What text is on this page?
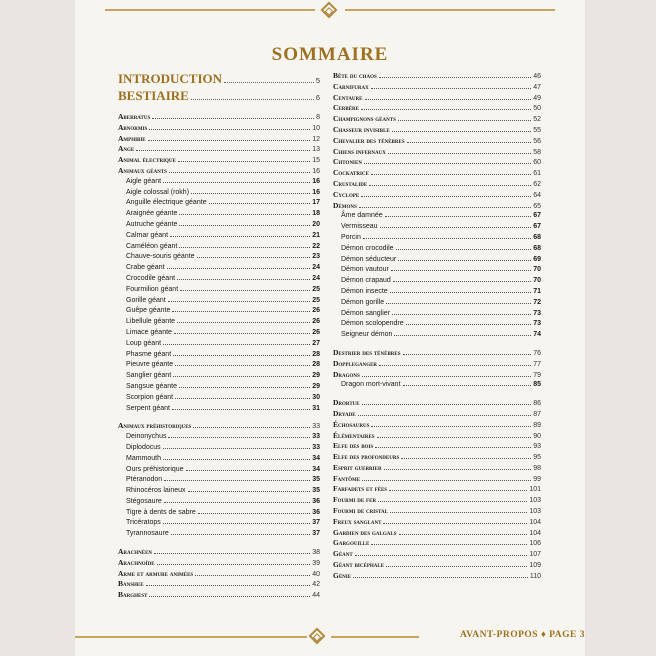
SOMMAIRE
INTRODUCTION	5
BESTIAIRE	6
Aberratus	8
Abnormis	10
Amphibie	12
Ange	13
Animal électrique	15
Animaux géants	16
Aigle géant	16
Aigle colossal (rokh)	16
Anguille électrique géante	17
Araignée géante	18
Autruche géante	20
Calmar géant	21
Caméléon géant	22
Chauve-souris géante	23
Crabe géant	24
Crocodile géant	24
Fourmilion géant	25
Gorille géant	25
Guêpe géante	26
Libellule géante	26
Limace géante	26
Loup géant	27
Phasme géant	28
Pieuvre géante	28
Sanglier géant	29
Sangsue géante	29
Scorpion géant	30
Serpent géant	31
Animaux préhistoriques	33
Deinonychus	33
Diplodocus	33
Mammouth	34
Ours préhistorique	34
Ptéranodon	35
Rhinocéros laineux	35
Stégosaure	36
Tigre à dents de sabre	36
Tricératops	37
Tyrannosaure	37
Arachnéen	38
Arachnoïde	39
Arme et armure animées	40
Banshee	42
Barghest	44
Bête du chaos	46
Carnifurax	47
Centaure	49
Cerbère	50
Champignons géants	52
Chasseur invisible	55
Chevalier des ténèbres	56
Chiens infernaux	58
Chtonien	60
Cockatrice	61
Crustalide	62
Cyclope	64
Démons	65
Âme damnée	67
Vermisseau	67
Porcin	68
Démon crocodile	68
Démon séducteur	69
Démon vautour	70
Démon crapaud	70
Démon insecte	71
Démon gorille	72
Démon sanglier	73
Démon scolopendre	73
Seigneur démon	74
Destrier des ténèbres	76
Doppleganger	77
Dragons	79
Dragon mort-vivant	85
Drortue	86
Dryade	87
Échosaurus	89
Élémentaires	90
Elfe des bois	93
Elfe des profondeurs	95
Esprit guerrier	98
Fantôme	99
Farfadets et fées	101
Fourmi de fer	103
Fourmi de cristal	103
Freux sanglant	104
Gardien des galgals	104
Gargouille	106
Géant	107
Géant bicéphale	109
Génie	110
AVANT-PROPOS ♦ PAGE 3
